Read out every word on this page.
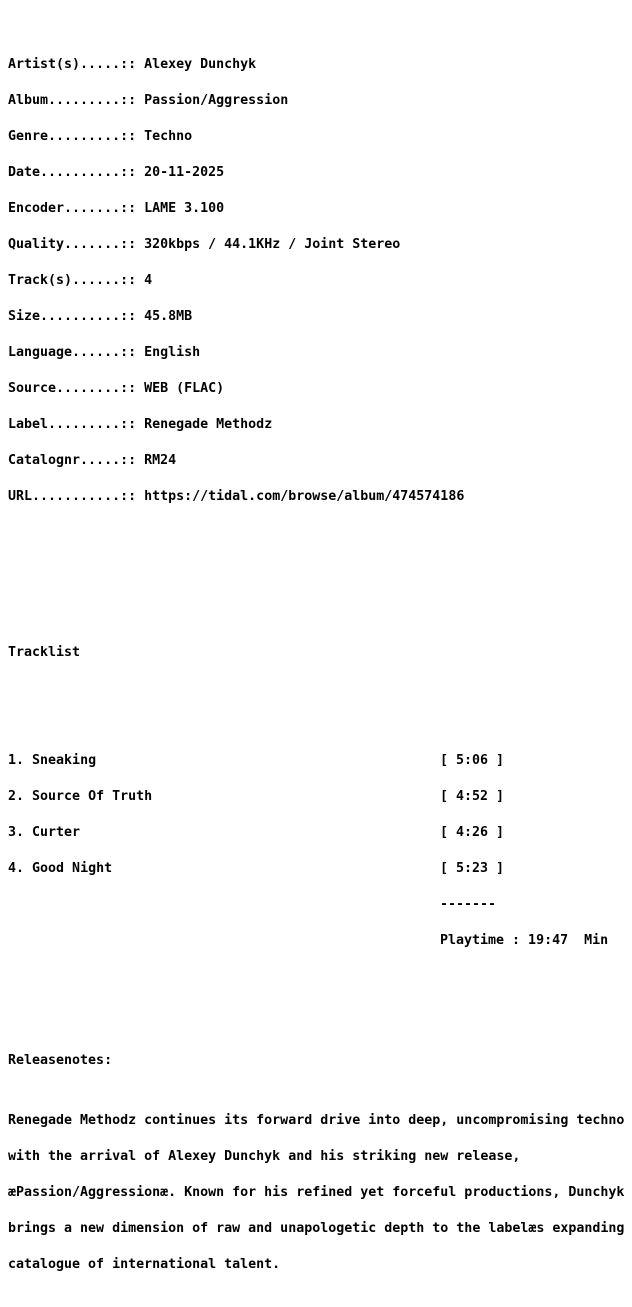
Artist(s).....:: Alexey Dunchyk

Album.........:: Passion/Aggression

Genre.........:: Techno

Date..........:: 20-11-2025

Encoder.......:: LAME 3.100

Quality.......:: 320kbps / 44.1KHz / Joint Stereo

Track(s)......:: 4

Size..........:: 45.8MB

Language......:: English

Source........:: WEB (FLAC)

Label.........:: Renegade Methodz

Catalognr.....:: RM24

URL...........:: https://tidal.com/browse/album/474574186

Tracklist

1. Sneaking	[ 5:06 ]

2. Source Of Truth	[ 4:52 ]

3. Curter	[ 4:26 ]

4. Good Night	[ 5:23 ]

-------

Playtime : 19:47  Min

Releasenotes:

Renegade Methodz continues its forward drive into deep, uncompromising techno

with the arrival of Alexey Dunchyk and his striking new release,

æPassion/Aggressionæ. Known for his refined yet forceful productions, Dunchyk

brings a new dimension of raw and unapologetic depth to the labelæs expanding

catalogue of international talent.
